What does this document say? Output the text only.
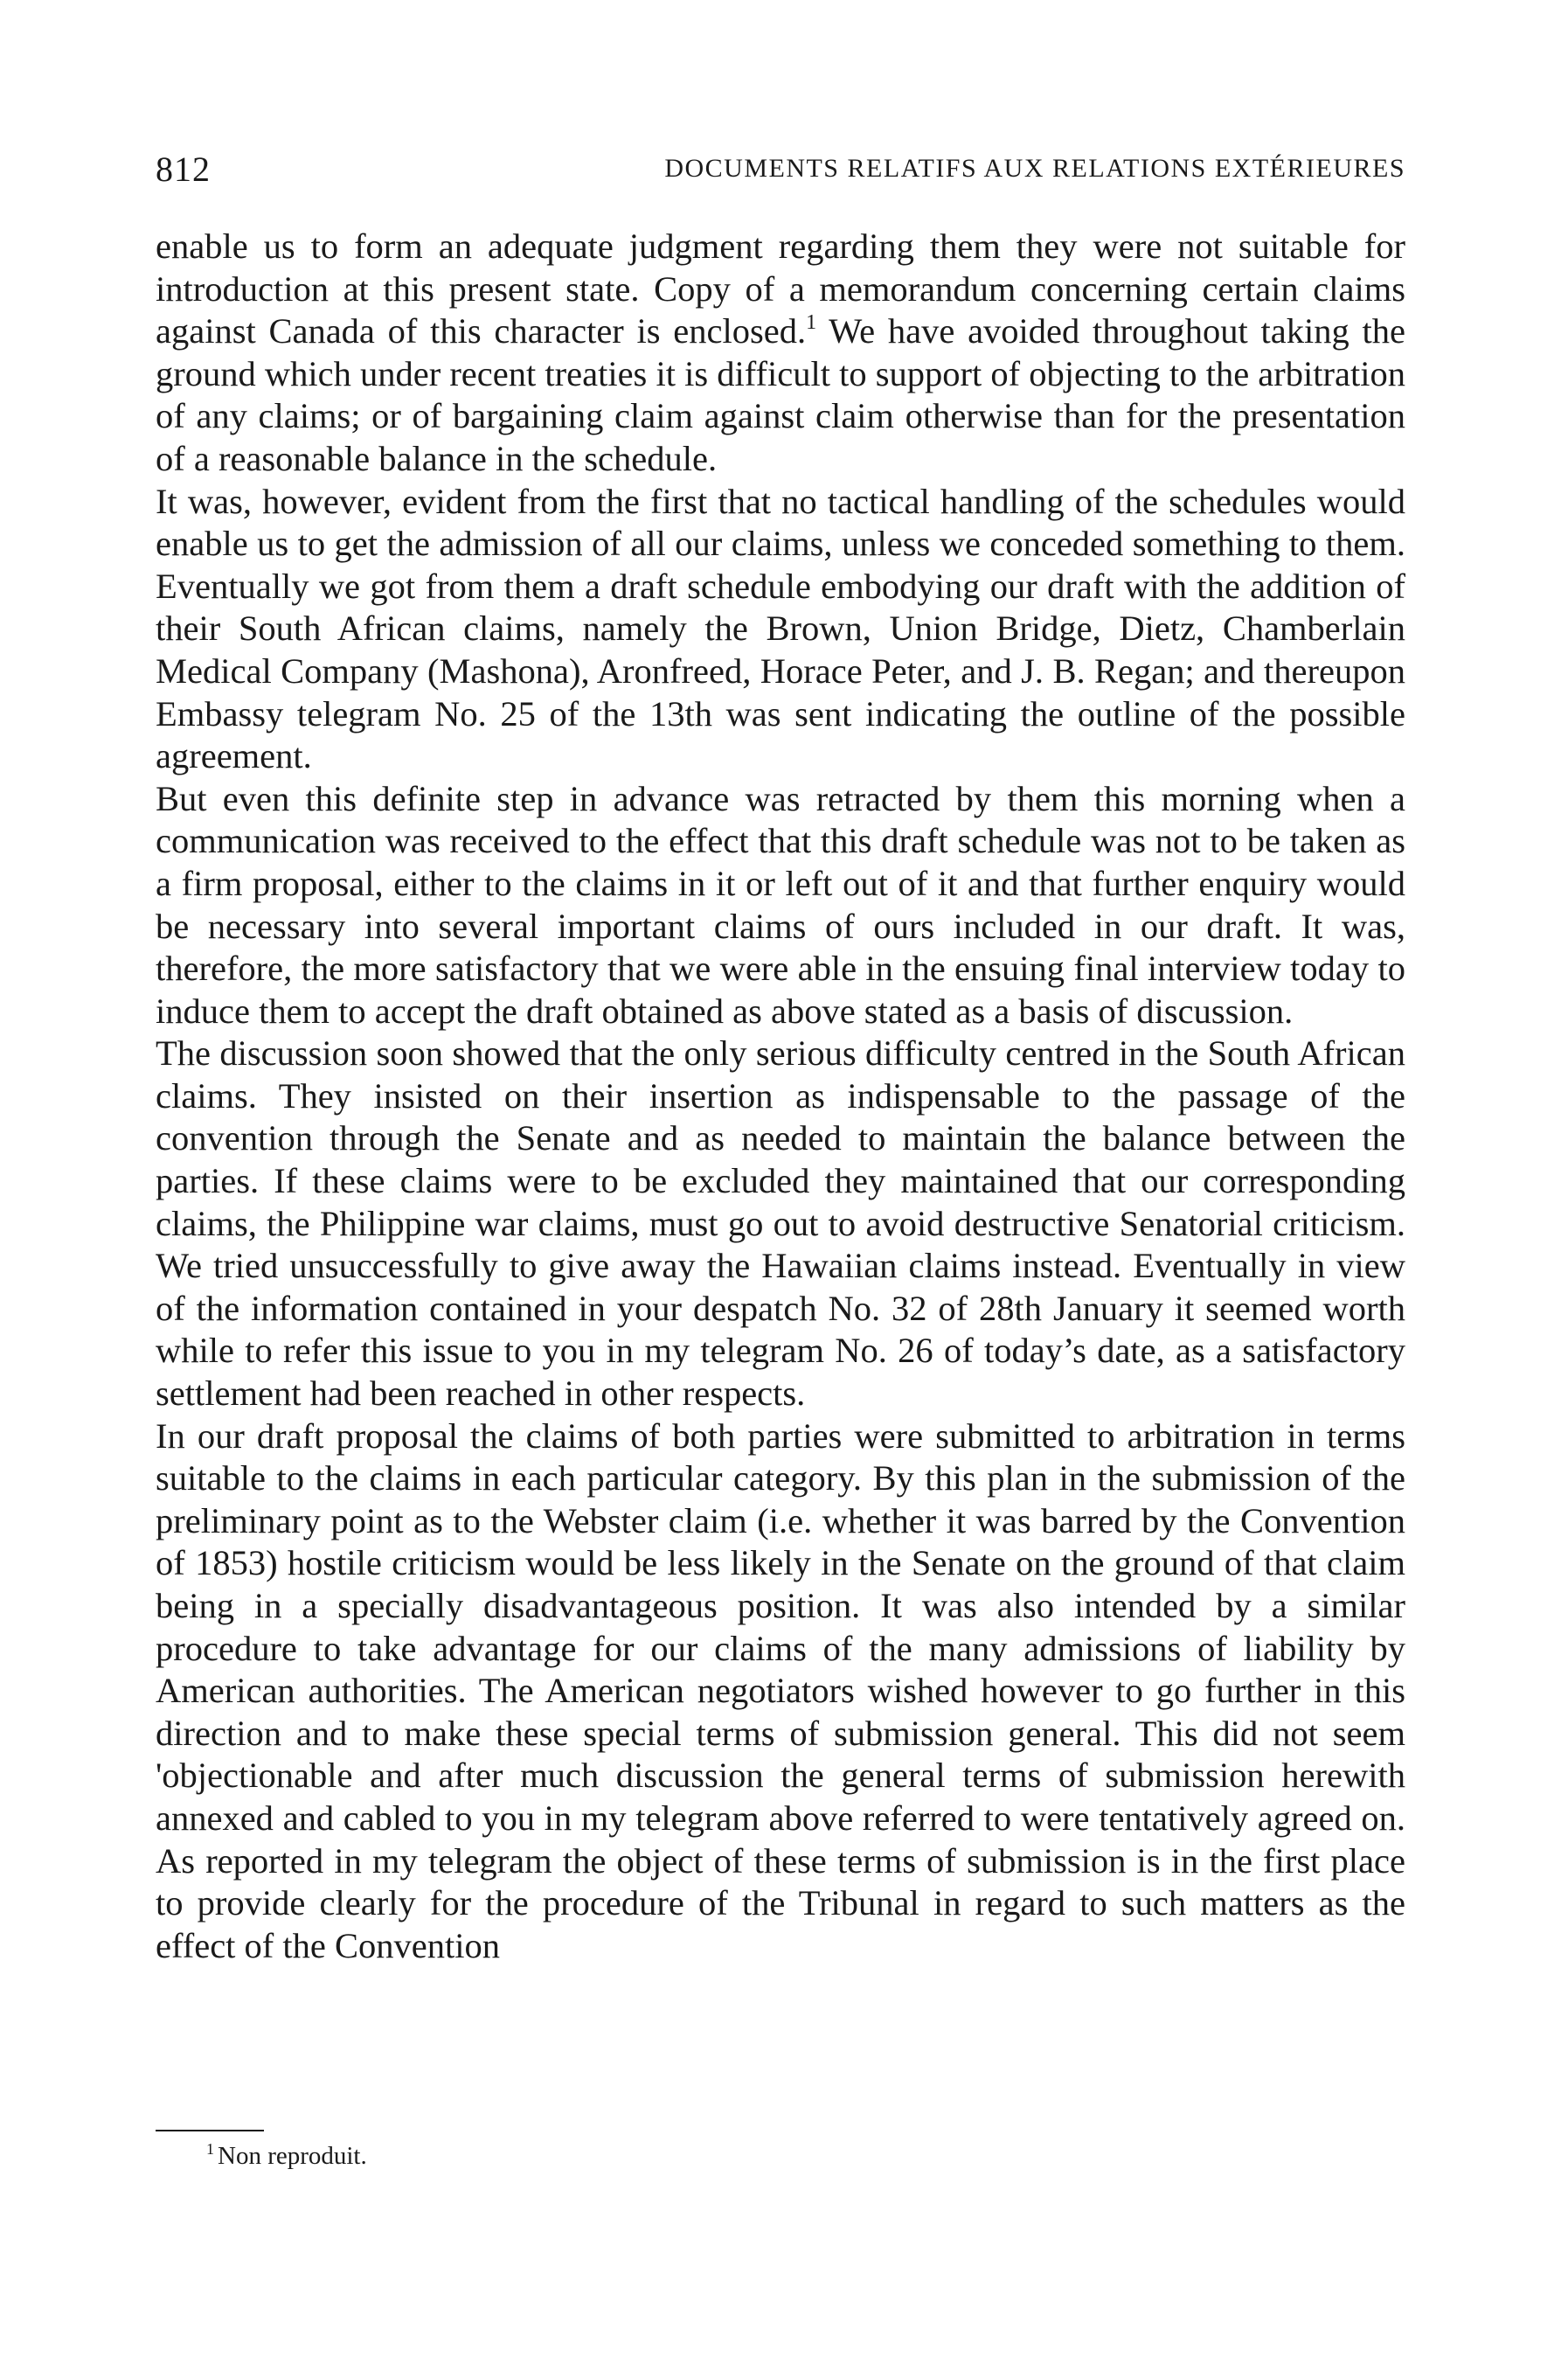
812	DOCUMENTS RELATIFS AUX RELATIONS EXTÉRIEURES

enable us to form an adequate judgment regarding them they were not suitable for introduction at this present state. Copy of a memorandum concerning certain claims against Canada of this character is enclosed.$^1$ We have avoided throughout taking the ground which under recent treaties it is difficult to support of objecting to the arbitration of any claims; or of bargaining claim against claim otherwise than for the presentation of a reasonable balance in the schedule.

It was, however, evident from the first that no tactical handling of the schedules would enable us to get the admission of all our claims, unless we conceded something to them. Eventually we got from them a draft schedule embodying our draft with the addition of their South African claims, namely the Brown, Union Bridge, Dietz, Chamberlain Medical Company (Mashona), Aronfreed, Horace Peter, and J. B. Regan; and thereupon Embassy telegram No. 25 of the 13th was sent indicating the outline of the possible agreement.

But even this definite step in advance was retracted by them this morning when a communication was received to the effect that this draft schedule was not to be taken as a firm proposal, either to the claims in it or left out of it and that further enquiry would be necessary into several important claims of ours included in our draft. It was, therefore, the more satisfactory that we were able in the ensuing final interview today to induce them to accept the draft obtained as above stated as a basis of discussion.

The discussion soon showed that the only serious difficulty centred in the South African claims. They insisted on their insertion as indispensable to the passage of the convention through the Senate and as needed to maintain the balance between the parties. If these claims were to be excluded they maintained that our corresponding claims, the Philippine war claims, must go out to avoid destructive Senatorial criticism. We tried unsuccessfully to give away the Hawaiian claims instead. Eventually in view of the information contained in your despatch No. 32 of 28th January it seemed worth while to refer this issue to you in my telegram No. 26 of today’s date, as a satisfactory settlement had been reached in other respects.

In our draft proposal the claims of both parties were submitted to arbitration in terms suitable to the claims in each particular category. By this plan in the submission of the preliminary point as to the Webster claim (i.e. whether it was barred by the Convention of 1853) hostile criticism would be less likely in the Senate on the ground of that claim being in a specially disadvantageous position. It was also intended by a similar procedure to take advantage for our claims of the many admissions of liability by American authorities. The American negotiators wished however to go further in this direction and to make these special terms of submission general. This did not seem 'objectionable and after much discussion the general terms of submission herewith annexed and cabled to you in my telegram above referred to were tentatively agreed on. As reported in my telegram the object of these terms of submission is in the first place to provide clearly for the procedure of the Tribunal in regard to such matters as the effect of the Convention

$^1$ Non reproduit.
